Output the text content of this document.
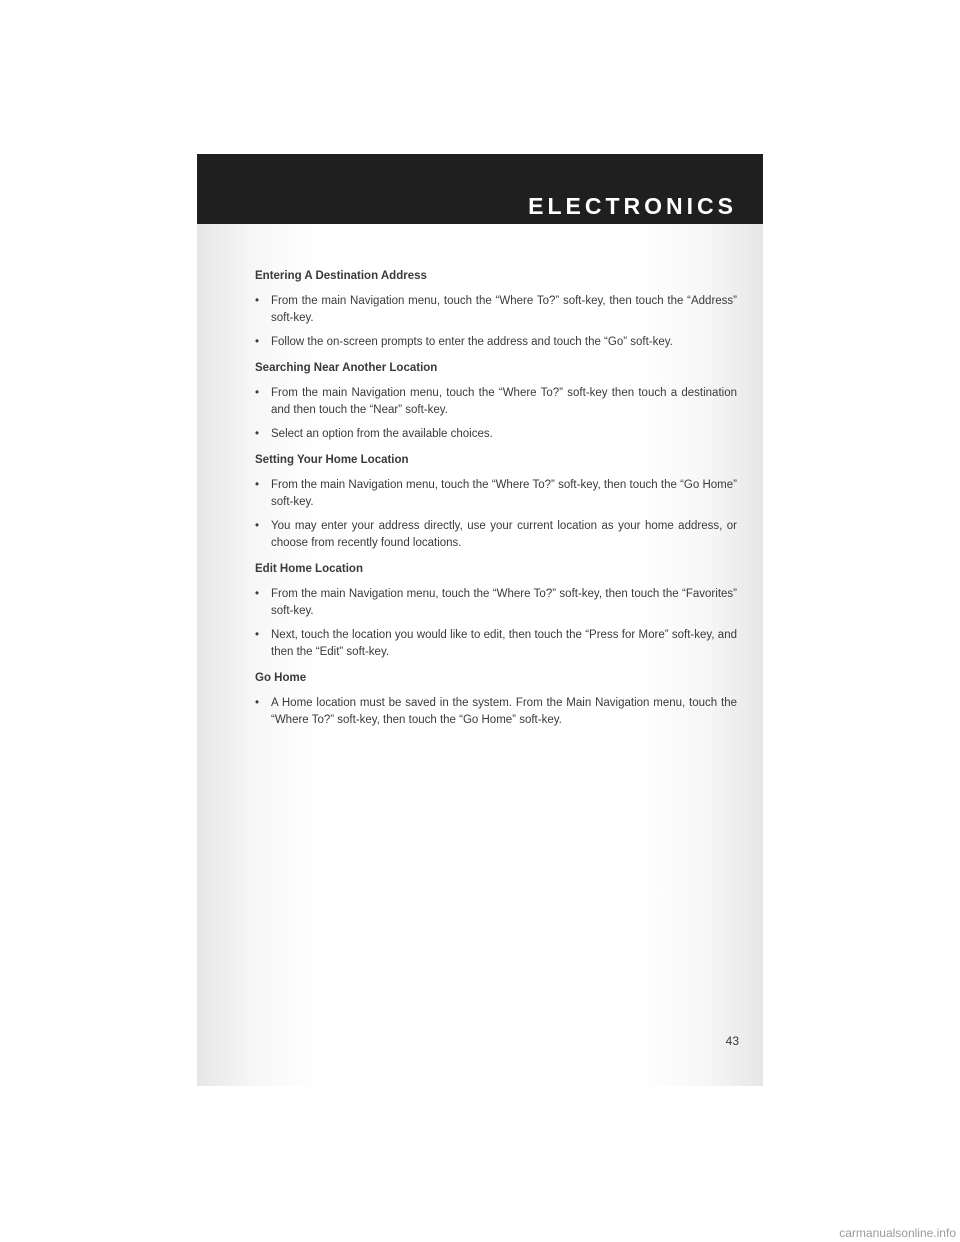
ELECTRONICS
Entering A Destination Address
•	From the main Navigation menu, touch the “Where To?” soft-key, then touch the “Address” soft-key.
•	Follow the on-screen prompts to enter the address and touch the “Go” soft-key.
Searching Near Another Location
•	From the main Navigation menu, touch the “Where To?” soft-key then touch a destination and then touch the “Near” soft-key.
•	Select an option from the available choices.
Setting Your Home Location
•	From the main Navigation menu, touch the “Where To?” soft-key, then touch the “Go Home” soft-key.
•	You may enter your address directly, use your current location as your home address, or choose from recently found locations.
Edit Home Location
•	From the main Navigation menu, touch the “Where To?” soft-key, then touch the “Favorites” soft-key.
•	Next, touch the location you would like to edit, then touch the “Press for More” soft-key, and then the “Edit” soft-key.
Go Home
•	A Home location must be saved in the system. From the Main Navigation menu, touch the “Where To?” soft-key, then touch the “Go Home” soft-key.
43
carmanualsonline.info
